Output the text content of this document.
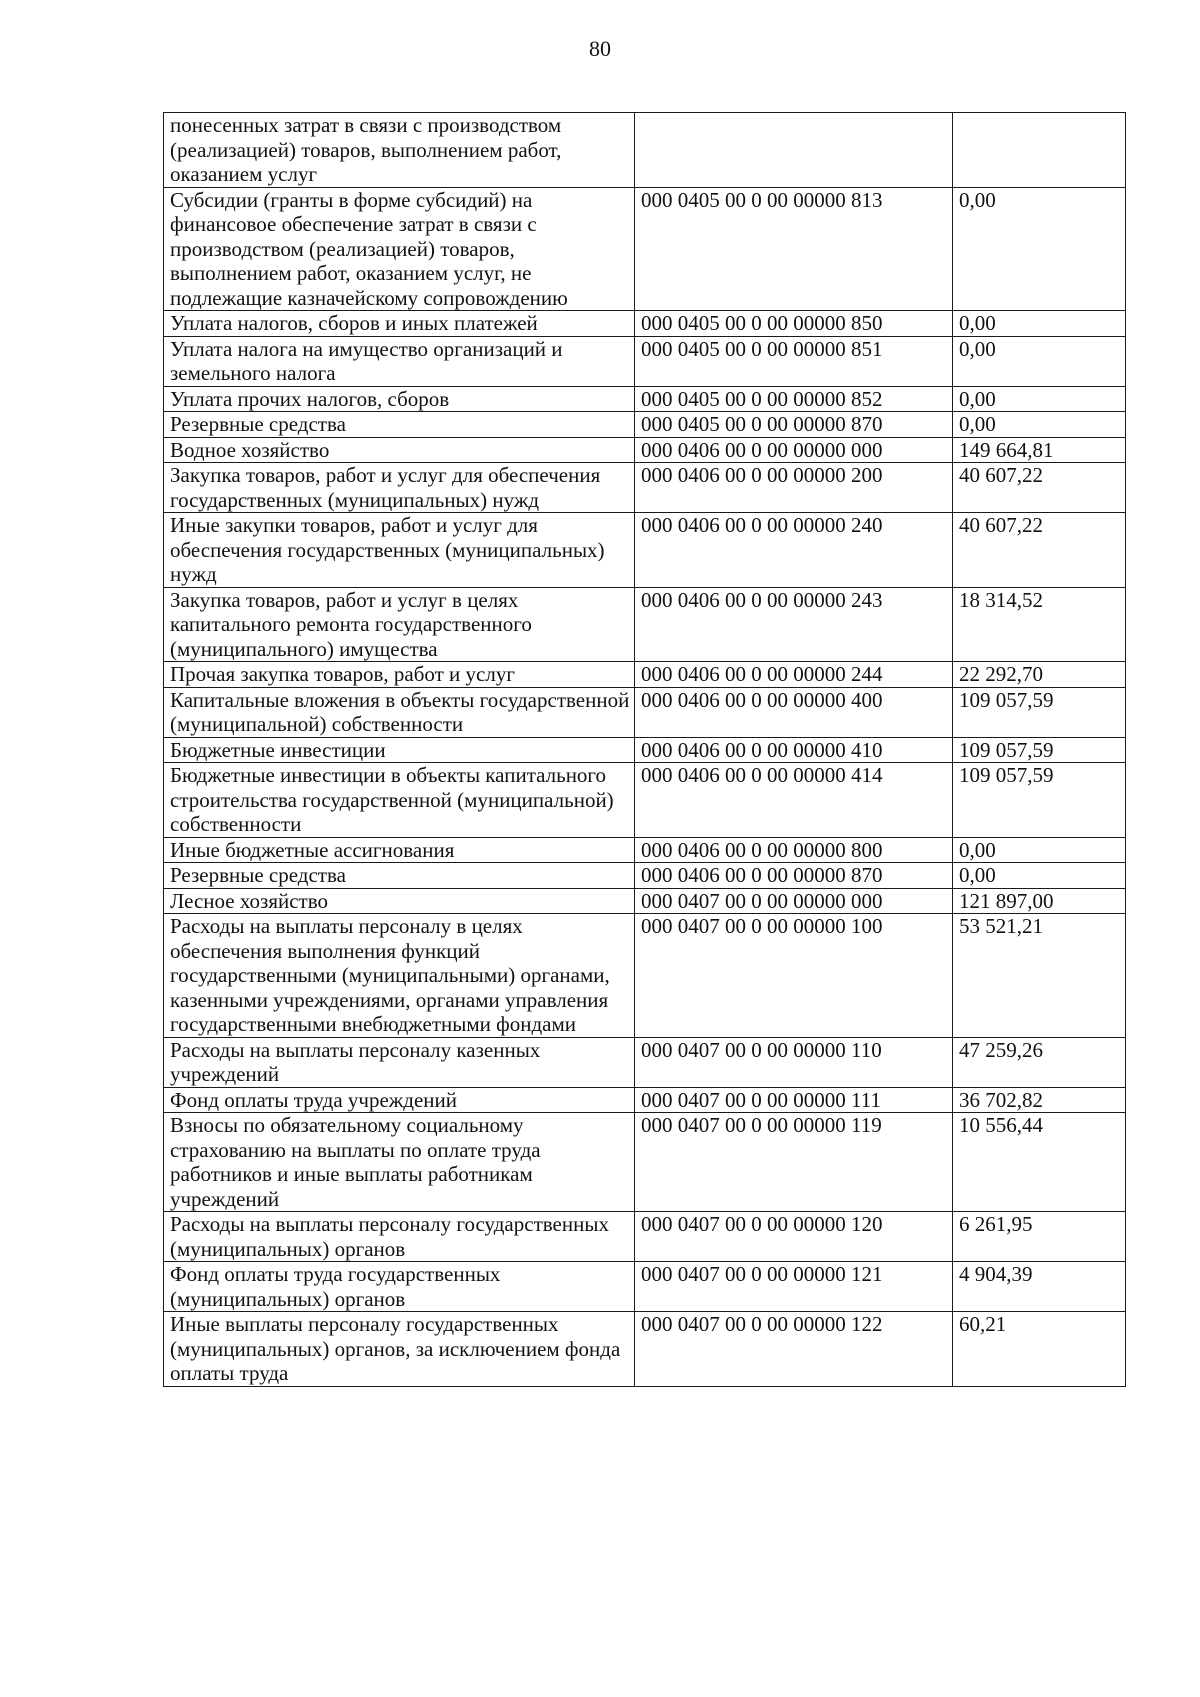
80
понесенных затрат в связи с производством (реализацией) товаров, выполнением работ, оказанием услуг		
Субсидии (гранты в форме субсидий) на финансовое обеспечение затрат в связи с производством (реализацией) товаров, выполнением работ, оказанием услуг, не подлежащие казначейскому сопровождению	000 0405 00 0 00 00000 813	0,00
Уплата налогов, сборов и иных платежей	000 0405 00 0 00 00000 850	0,00
Уплата налога на имущество организаций и земельного налога	000 0405 00 0 00 00000 851	0,00
Уплата прочих налогов, сборов	000 0405 00 0 00 00000 852	0,00
Резервные средства	000 0405 00 0 00 00000 870	0,00
Водное хозяйство	000 0406 00 0 00 00000 000	149 664,81
Закупка товаров, работ и услуг для обеспечения государственных (муниципальных) нужд	000 0406 00 0 00 00000 200	40 607,22
Иные закупки товаров, работ и услуг для обеспечения государственных (муниципальных) нужд	000 0406 00 0 00 00000 240	40 607,22
Закупка товаров, работ и услуг в целях капитального ремонта государственного (муниципального) имущества	000 0406 00 0 00 00000 243	18 314,52
Прочая закупка товаров, работ и услуг	000 0406 00 0 00 00000 244	22 292,70
Капитальные вложения в объекты государственной (муниципальной) собственности	000 0406 00 0 00 00000 400	109 057,59
Бюджетные инвестиции	000 0406 00 0 00 00000 410	109 057,59
Бюджетные инвестиции в объекты капитального строительства государственной (муниципальной) собственности	000 0406 00 0 00 00000 414	109 057,59
Иные бюджетные ассигнования	000 0406 00 0 00 00000 800	0,00
Резервные средства	000 0406 00 0 00 00000 870	0,00
Лесное хозяйство	000 0407 00 0 00 00000 000	121 897,00
Расходы на выплаты персоналу в целях обеспечения выполнения функций государственными (муниципальными) органами, казенными учреждениями, органами управления государственными внебюджетными фондами	000 0407 00 0 00 00000 100	53 521,21
Расходы на выплаты персоналу казенных учреждений	000 0407 00 0 00 00000 110	47 259,26
Фонд оплаты труда учреждений	000 0407 00 0 00 00000 111	36 702,82
Взносы по обязательному социальному страхованию на выплаты по оплате труда работников и иные выплаты работникам учреждений	000 0407 00 0 00 00000 119	10 556,44
Расходы на выплаты персоналу государственных (муниципальных) органов	000 0407 00 0 00 00000 120	6 261,95
Фонд оплаты труда государственных (муниципальных) органов	000 0407 00 0 00 00000 121	4 904,39
Иные выплаты персоналу государственных (муниципальных) органов, за исключением фонда оплаты труда	000 0407 00 0 00 00000 122	60,21
